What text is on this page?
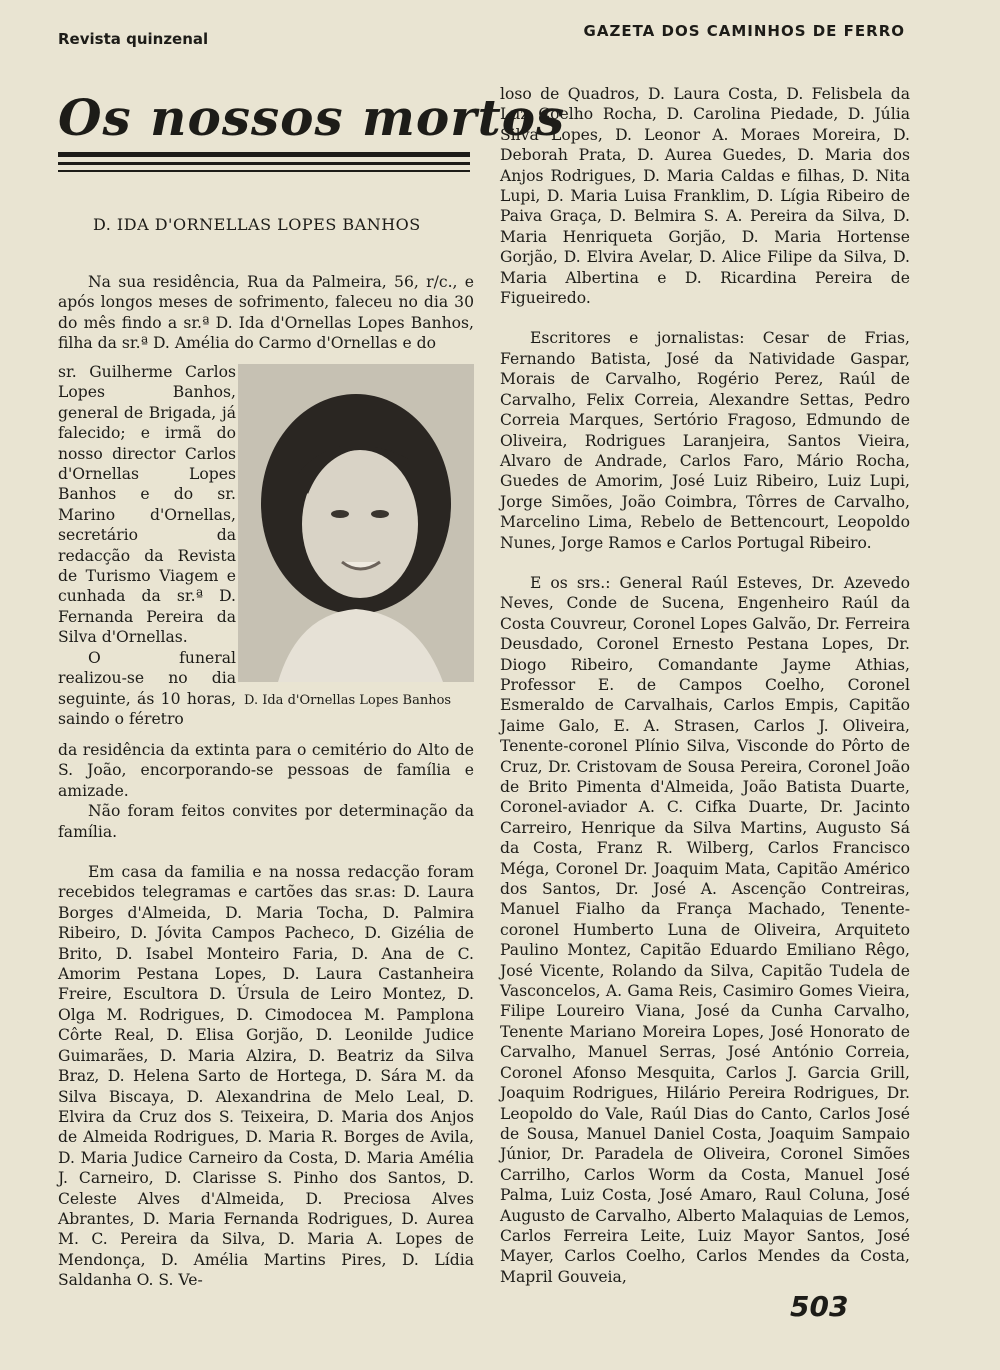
Revista quinzenal	GAZETA DOS CAMINHOS DE FERRO
Os nossos mortos
D. IDA D'ORNELLAS LOPES BANHOS

Na sua residência, Rua da Palmeira, 56, r/c., e após longos meses de sofrimento, faleceu no dia 30 do mês findo a sr.ª D. Ida d'Ornellas Lopes Banhos, filha da sr.ª D. Amélia do Carmo d'Ornellas e do

sr. Guilherme Carlos Lopes Banhos, general de Brigada, já falecido; e irmã do nosso director Carlos d'Ornellas Lopes Banhos e do sr. Marino d'Ornellas, secretário da redacção da Revista de Turismo Viagem e cunhada da sr.ª D. Fernanda Pereira da Silva d'Ornellas.

O funeral realizou-se no dia seguinte, ás 10 horas, saindo o féretro

D. Ida d'Ornellas Lopes Banhos

da residência da extinta para o cemitério do Alto de S. João, encorporando-se pessoas de família e amizade.

Não foram feitos convites por determinação da família.

Em casa da familia e na nossa redacção foram recebidos telegramas e cartões das sr.as: D. Laura Borges d'Almeida, D. Maria Tocha, D. Palmira Ribeiro, D. Jóvita Campos Pacheco, D. Gizélia de Brito, D. Isabel Monteiro Faria, D. Ana de C. Amorim Pestana Lopes, D. Laura Castanheira Freire, Escultora D. Úrsula de Leiro Montez, D. Olga M. Rodrigues, D. Cimodocea M. Pamplona Côrte Real, D. Elisa Gorjão, D. Leonilde Judice Guimarães, D. Maria Alzira, D. Beatriz da Silva Braz, D. Helena Sarto de Hortega, D. Sára M. da Silva Biscaya, D. Alexandrina de Melo Leal, D. Elvira da Cruz dos S. Teixeira, D. Maria dos Anjos de Almeida Rodrigues, D. Maria R. Borges de Avila, D. Maria Judice Carneiro da Costa, D. Maria Amélia J. Carneiro, D. Clarisse S. Pinho dos Santos, D. Celeste Alves d'Almeida, D. Preciosa Alves Abrantes, D. Maria Fernanda Rodrigues, D. Aurea M. C. Pereira da Silva, D. Maria A. Lopes de Mendonça, D. Amélia Martins Pires, D. Lídia Saldanha O. S. Ve-

loso de Quadros, D. Laura Costa, D. Felisbela da Luz Coelho Rocha, D. Carolina Piedade, D. Júlia Silva Lopes, D. Leonor A. Moraes Moreira, D. Deborah Prata, D. Aurea Guedes, D. Maria dos Anjos Rodrigues, D. Maria Caldas e filhas, D. Nita Lupi, D. Maria Luisa Franklim, D. Lígia Ribeiro de Paiva Graça, D. Belmira S. A. Pereira da Silva, D. Maria Henriqueta Gorjão, D. Maria Hortense Gorjão, D. Elvira Avelar, D. Alice Filipe da Silva, D. Maria Albertina e D. Ricardina Pereira de Figueiredo.

Escritores e jornalistas: Cesar de Frias, Fernando Batista, José da Natividade Gaspar, Morais de Carvalho, Rogério Perez, Raúl de Carvalho, Felix Correia, Alexandre Settas, Pedro Correia Marques, Sertório Fragoso, Edmundo de Oliveira, Rodrigues Laranjeira, Santos Vieira, Alvaro de Andrade, Carlos Faro, Mário Rocha, Guedes de Amorim, José Luiz Ribeiro, Luiz Lupi, Jorge Simões, João Coimbra, Tôrres de Carvalho, Marcelino Lima, Rebelo de Bettencourt, Leopoldo Nunes, Jorge Ramos e Carlos Portugal Ribeiro.

E os srs.: General Raúl Esteves, Dr. Azevedo Neves, Conde de Sucena, Engenheiro Raúl da Costa Couvreur, Coronel Lopes Galvão, Dr. Ferreira Deusdado, Coronel Ernesto Pestana Lopes, Dr. Diogo Ribeiro, Comandante Jayme Athias, Professor E. de Campos Coelho, Coronel Esmeraldo de Carvalhais, Carlos Empis, Capitão Jaime Galo, E. A. Strasen, Carlos J. Oliveira, Tenente-coronel Plínio Silva, Visconde do Pôrto de Cruz, Dr. Cristovam de Sousa Pereira, Coronel João de Brito Pimenta d'Almeida, João Batista Duarte, Coronel-aviador A. C. Cifka Duarte, Dr. Jacinto Carreiro, Henrique da Silva Martins, Augusto Sá da Costa, Franz R. Wilberg, Carlos Francisco Méga, Coronel Dr. Joaquim Mata, Capitão Américo dos Santos, Dr. José A. Ascenção Contreiras, Manuel Fialho da França Machado, Tenente-coronel Humberto Luna de Oliveira, Arquiteto Paulino Montez, Capitão Eduardo Emiliano Rêgo, José Vicente, Rolando da Silva, Capitão Tudela de Vasconcelos, A. Gama Reis, Casimiro Gomes Vieira, Filipe Loureiro Viana, José da Cunha Carvalho, Tenente Mariano Moreira Lopes, José Honorato de Carvalho, Manuel Serras, José António Correia, Coronel Afonso Mesquita, Carlos J. Garcia Grill, Joaquim Rodrigues, Hilário Pereira Rodrigues, Dr. Leopoldo do Vale, Raúl Dias do Canto, Carlos José de Sousa, Manuel Daniel Costa, Joaquim Sampaio Júnior, Dr. Paradela de Oliveira, Coronel Simões Carrilho, Carlos Worm da Costa, Manuel José Palma, Luiz Costa, José Amaro, Raul Coluna, José Augusto de Carvalho, Alberto Malaquias de Lemos, Carlos Ferreira Leite, Luiz Mayor Santos, José Mayer, Carlos Coelho, Carlos Mendes da Costa, Mapril Gouveia,

503
